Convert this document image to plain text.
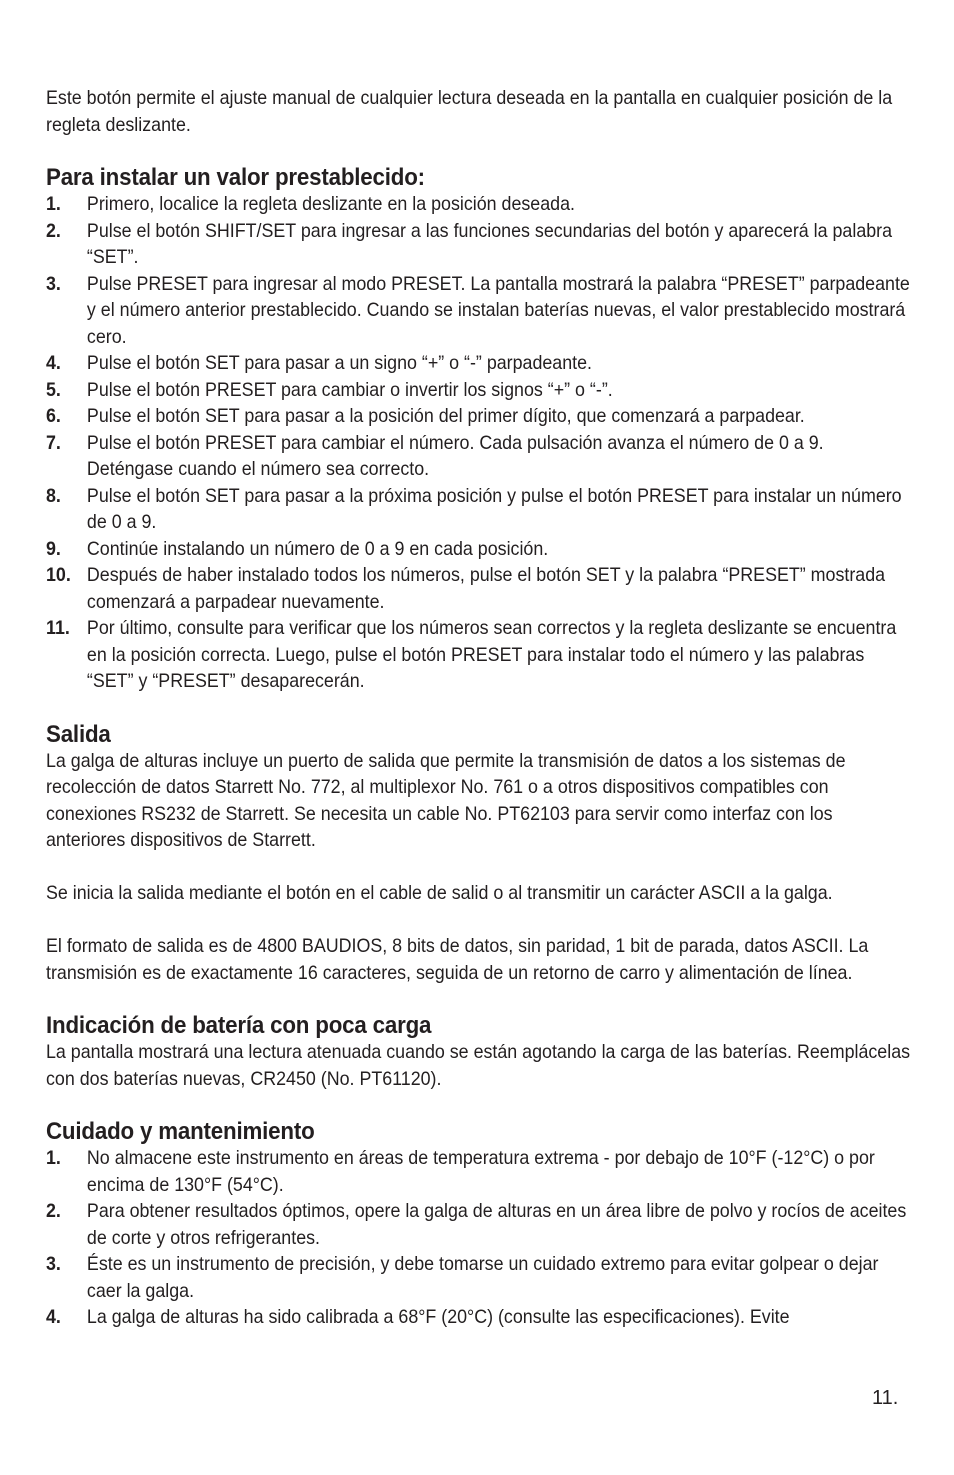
Este botón permite el ajuste manual de cualquier lectura deseada en la pantalla en cualquier posición de la regleta deslizante.

Para instalar un valor prestablecido:
1.	Primero, localice la regleta deslizante en la posición deseada.
2.	Pulse el botón SHIFT/SET para ingresar a las funciones secundarias del botón y aparecerá la palabra “SET”.
3.	Pulse PRESET para ingresar al modo PRESET. La pantalla mostrará la palabra “PRESET” parpadeante y el número anterior prestablecido. Cuando se instalan baterías nuevas, el valor prestablecido mostrará cero.
4.	Pulse el botón SET para pasar a un signo “+” o “-” parpadeante.
5.	Pulse el botón PRESET para cambiar o invertir los signos “+” o “-”.
6.	Pulse el botón SET para pasar a la posición del primer dígito, que comenzará a parpadear.
7.	Pulse el botón PRESET para cambiar el número. Cada pulsación avanza el número de 0 a 9. Deténgase cuando el número sea correcto.
8.	Pulse el botón SET para pasar a la próxima posición y pulse el botón PRESET para instalar un número de 0 a 9.
9.	Continúe instalando un número de 0 a 9 en cada posición.
10. Después de haber instalado todos los números, pulse el botón SET y la palabra “PRESET” mostrada comenzará a parpadear nuevamente.
11. Por último, consulte para verificar que los números sean correctos y la regleta deslizante se encuentra en la posición correcta. Luego, pulse el botón PRESET para instalar todo el número y las palabras “SET” y “PRESET” desaparecerán.
Salida

La galga de alturas incluye un puerto de salida que permite la transmisión de datos a los sistemas de recolección de datos Starrett No. 772, al multiplexor No. 761 o a otros dispositivos compatibles con conexiones RS232 de Starrett. Se necesita un cable No. PT62103 para servir como interfaz con los anteriores dispositivos de Starrett.

Se inicia la salida mediante el botón en el cable de salid o al transmitir un carácter ASCII a la galga.

El formato de salida es de 4800 BAUDIOS, 8 bits de datos, sin paridad, 1 bit de parada, datos ASCII. La transmisión es de exactamente 16 caracteres, seguida de un retorno de carro y alimentación de línea.

Indicación de batería con poca carga

La pantalla mostrará una lectura atenuada cuando se están agotando la carga de las baterías. Reemplácelas con dos baterías nuevas, CR2450 (No. PT61120).

Cuidado y mantenimiento
1.	No almacene este instrumento en áreas de temperatura extrema - por debajo de 10°F (-12°C) o por encima de 130°F (54°C).
2.	Para obtener resultados óptimos, opere la galga de alturas en un área libre de polvo y rocíos de aceites de corte y otros refrigerantes.
3.	Éste es un instrumento de precisión, y debe tomarse un cuidado extremo para evitar golpear o dejar caer la galga.
4.	La galga de alturas ha sido calibrada a 68°F (20°C) (consulte las especificaciones). Evite
11.
